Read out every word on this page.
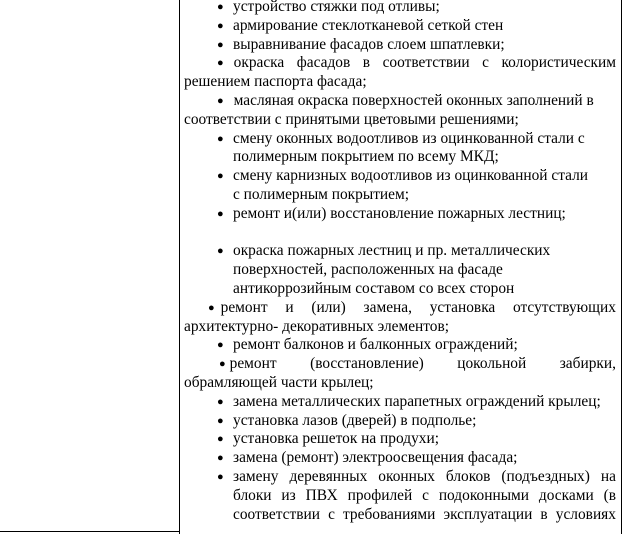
● устройство стяжки под отливы;
● армирование стеклотканевой сеткой стен
● выравнивание фасадов слоем шпатлевки;
● окраска фасадов в соответствии с колористическим
решением паспорта фасада;
● масляная окраска поверхностей оконных заполнений в
соответствии с принятыми цветовыми решениями;
● смену оконных водоотливов из оцинкованной стали с
полимерным покрытием по всему МКД;
● смену карнизных водоотливов из оцинкованной стали
с полимерным покрытием;
● ремонт и(или) восстановление пожарных лестниц;
● окраска пожарных лестниц и пр. металлических
поверхностей, расположенных на фасаде
антикоррозийным составом со всех сторон
● ремонт и (или) замена, установка отсутствующих
архитектурно- декоративных элементов;
● ремонт балконов и балконных ограждений;
● ремонт (восстановление) цокольной забирки,
обрамляющей части крылец;
● замена металлических парапетных ограждений крылец;
● установка лазов (дверей) в подполье;
● установка решеток на продухи;
● замена (ремонт) электроосвещения фасада;
● замену деревянных оконных блоков (подъездных) на
блоки из ПВХ профилей с подоконными досками (в
соответствии с требованиями эксплуатации в условиях
